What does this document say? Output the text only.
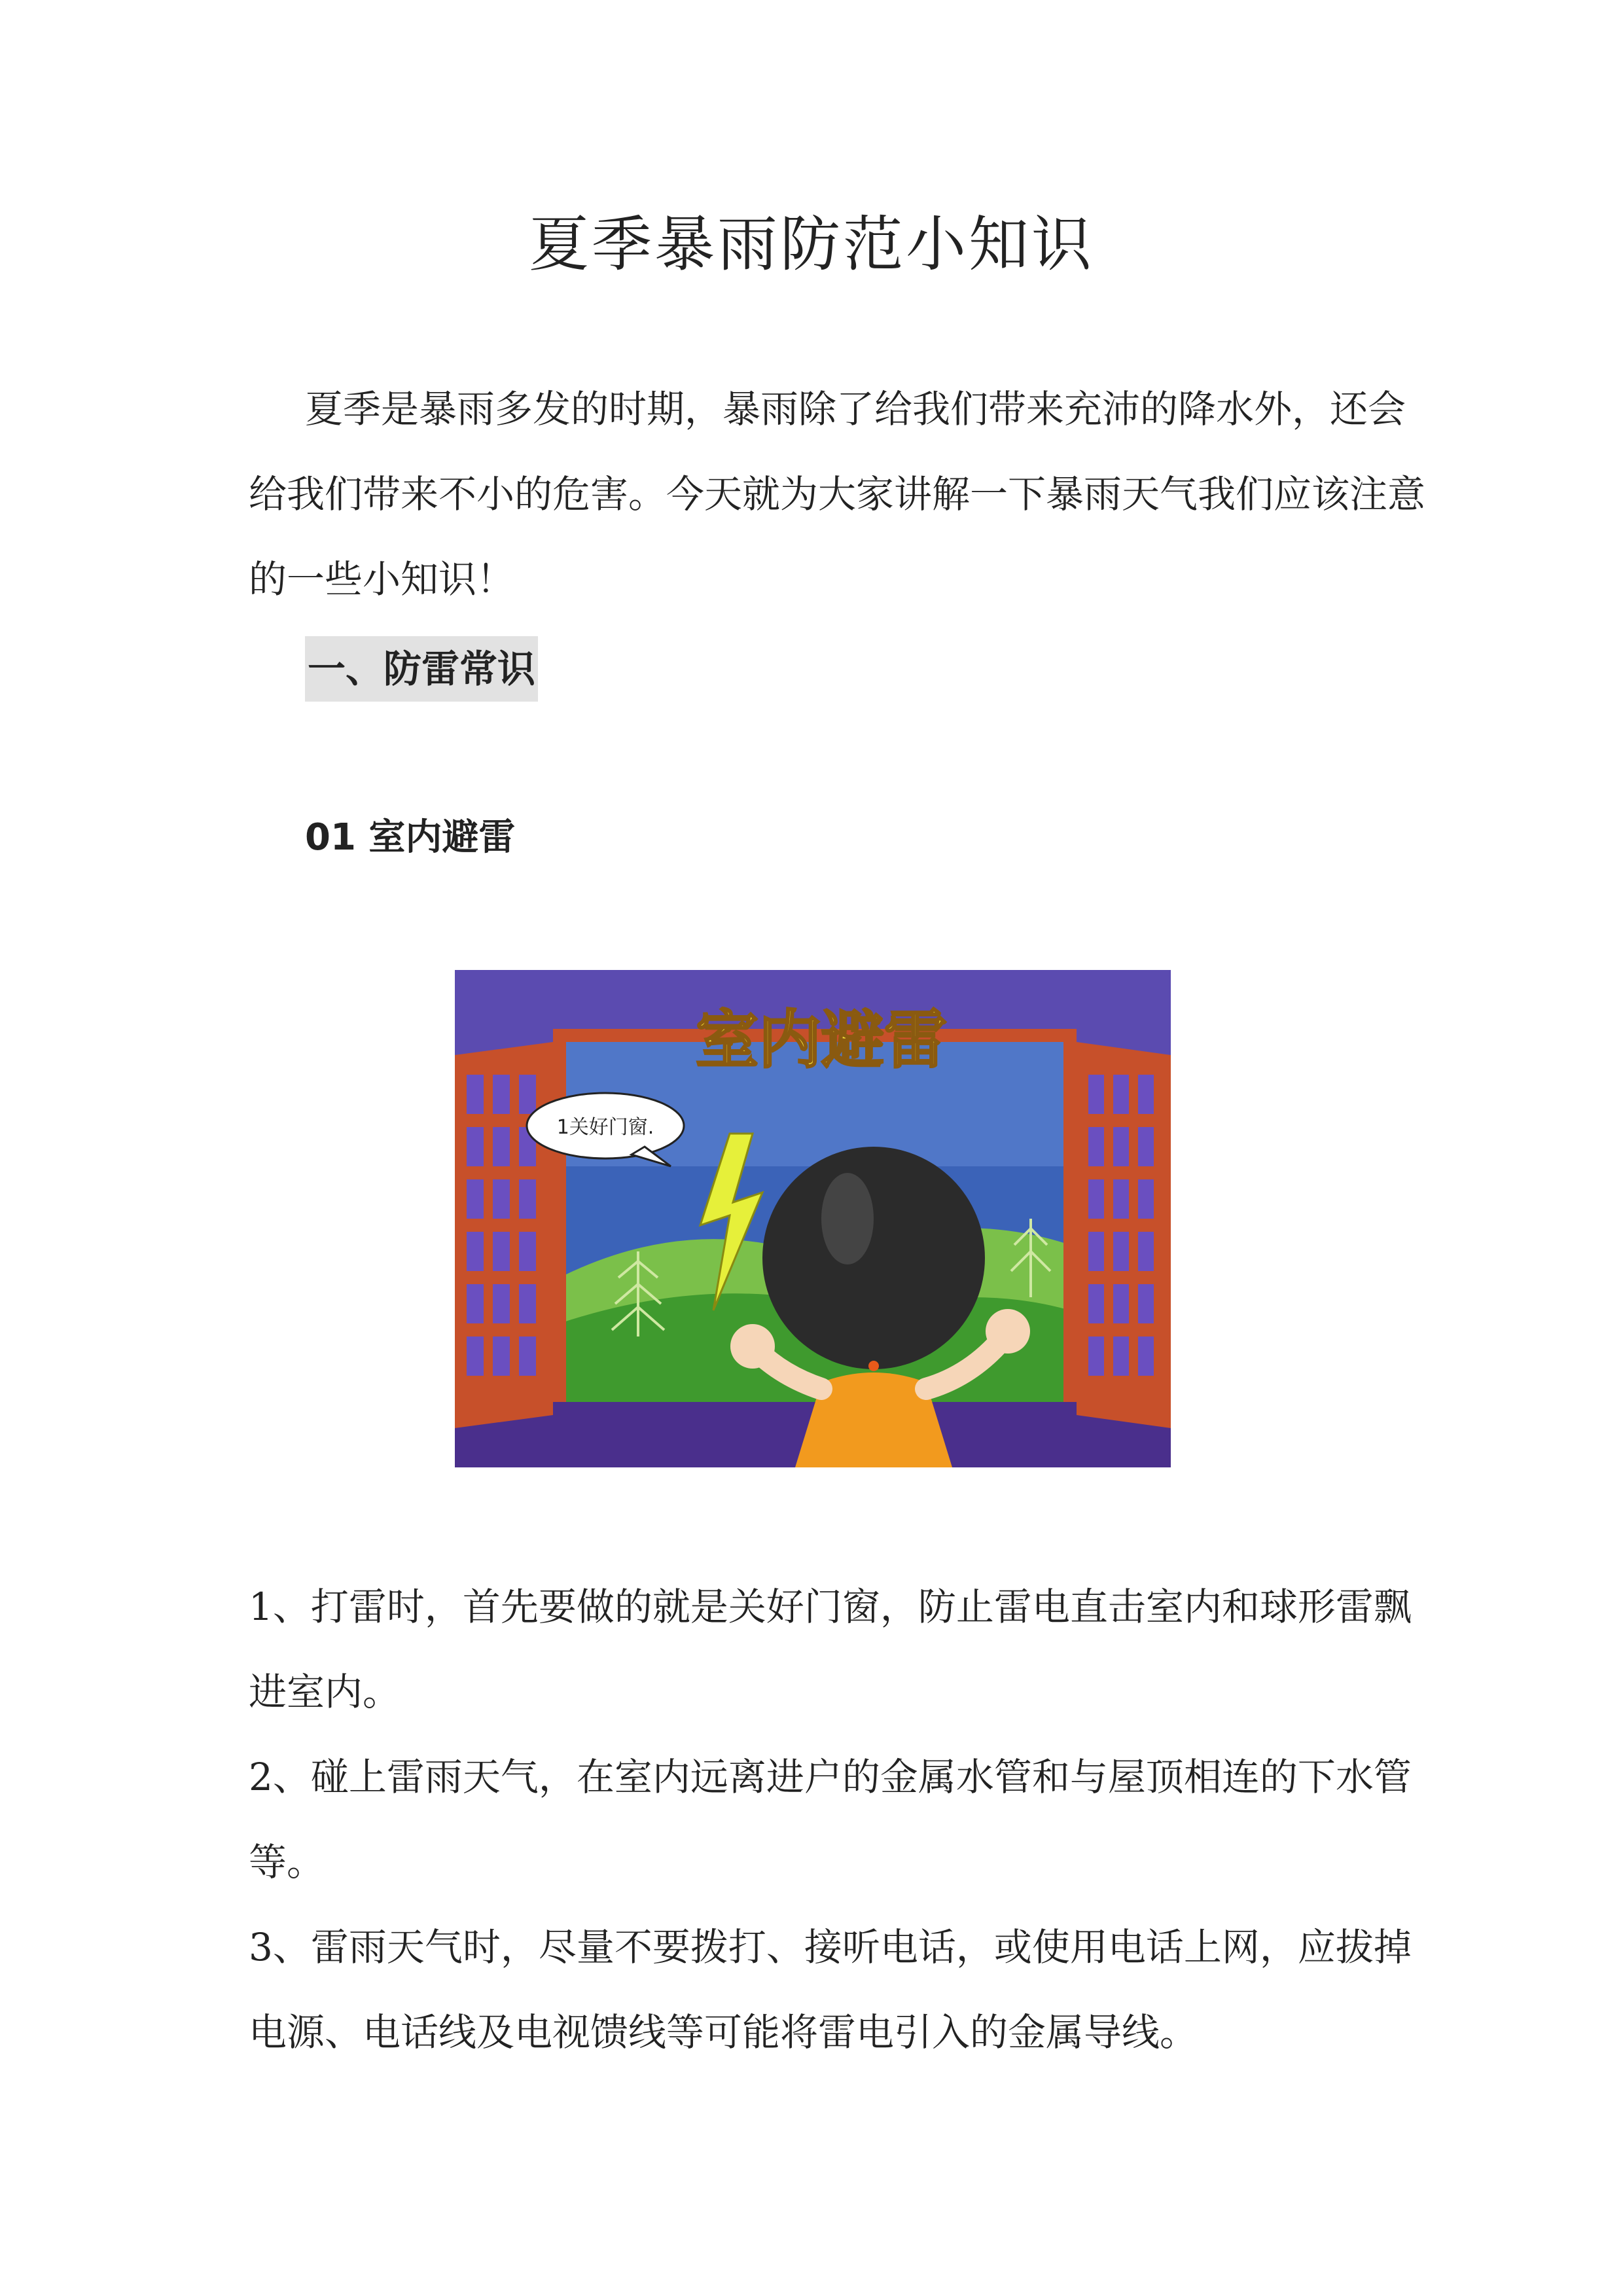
夏季暴雨防范小知识

夏季是暴雨多发的时期，暴雨除了给我们带来充沛的降水外，还会给我们带来不小的危害。今天就为大家讲解一下暴雨天气我们应该注意的一些小知识！

一、防雷常识
01 室内避雷
室内避雷
1关好门窗.

1、打雷时，首先要做的就是关好门窗，防止雷电直击室内和球形雷飘进室内。

2、碰上雷雨天气，在室内远离进户的金属水管和与屋顶相连的下水管等。

3、雷雨天气时，尽量不要拨打、接听电话，或使用电话上网，应拔掉电源、电话线及电视馈线等可能将雷电引入的金属导线。
